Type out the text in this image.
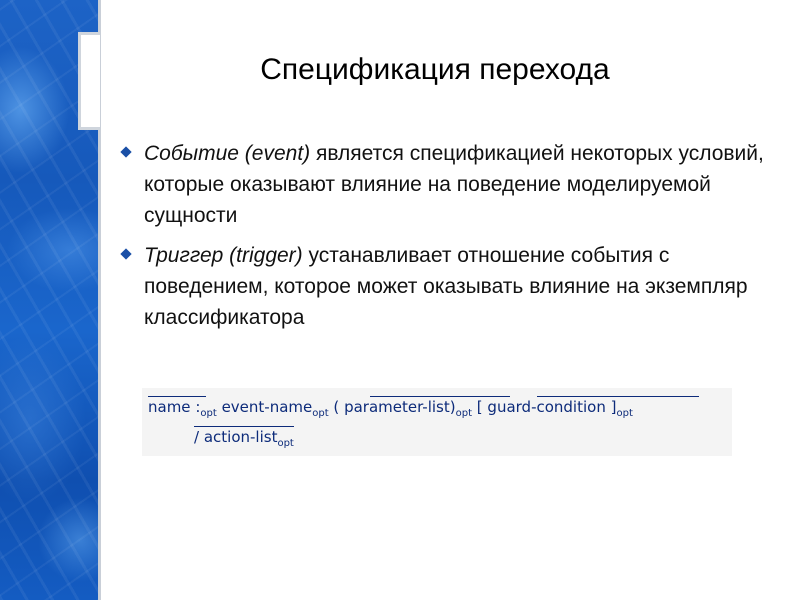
Спецификация перехода
Событие (event) является спецификацией некоторых условий, которые оказывают влияние на поведение моделируемой сущности
Триггер (trigger) устанавливает отношение события с поведением, которое может оказывать влияние на экземпляр классификатора
name $:_{opt}$ event-name$_{opt}$ ( parameter-$list)_{opt}$ [ guard-condition ]$_{opt}$
/ action-list$_{opt}$
